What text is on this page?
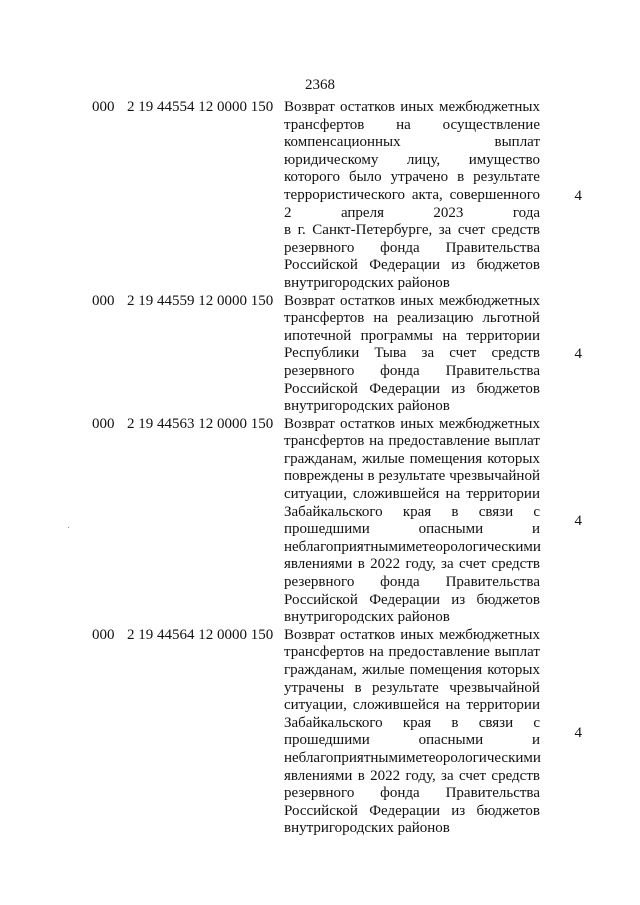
2368
000 2 19 44554 12 0000 150 Возврат остатков иных межбюджетных
трансфертов на осуществление
компенсационных	выплат
юридическому лицу, имущество
которого было утрачено в результате
террористического акта, совершенного
2	апреля	2023	года
в г. Санкт-Петербурге, за счет средств
резервного фонда Правительства
Российской Федерации из бюджетов
внутригородских районов
4
000 2 19 44559 12 0000 150 Возврат остатков иных межбюджетных
трансфертов на реализацию льготной
ипотечной программы на территории
Республики Тыва за счет средств
резервного фонда Правительства
Российской Федерации из бюджетов
внутригородских районов
4
000 2 19 44563 12 0000 150 Возврат остатков иных межбюджетных
трансфертов на предоставление выплат
гражданам, жилые помещения которых
повреждены в результате чрезвычайной
ситуации, сложившейся на территории
Забайкальского края в связи с
прошедшими	опасными	и
неблагоприятными метеорологическими
явлениями в 2022 году, за счет средств
резервного фонда Правительства
Российской Федерации из бюджетов
внутригородских районов
4
000 2 19 44564 12 0000 150 Возврат остатков иных межбюджетных
трансфертов на предоставление выплат
гражданам, жилые помещения которых
утрачены в результате чрезвычайной
ситуации, сложившейся на территории
Забайкальского края в связи с
прошедшими	опасными	и
неблагоприятными метеорологическими
явлениями в 2022 году, за счет средств
резервного фонда Правительства
Российской Федерации из бюджетов
внутригородских районов
4
